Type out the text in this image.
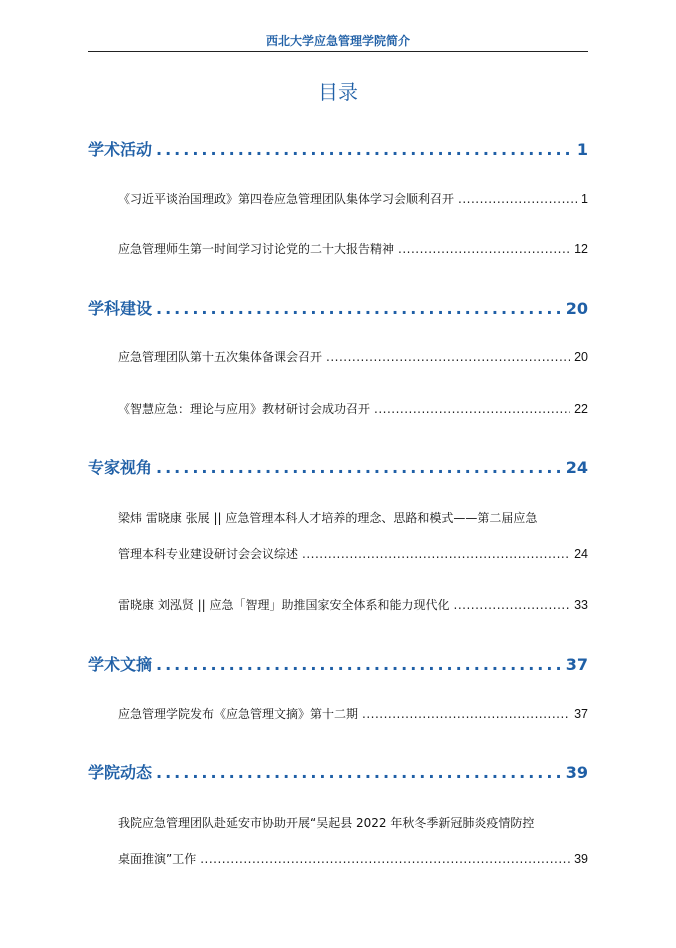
西北大学应急管理学院简介
目录
学术活动 .....	1
《习近平谈治国理政》第四卷应急管理团队集体学习会顺利召开 .....	1
应急管理师生第一时间学习讨论党的二十大报告精神 .....	12
学科建设 .....	20
应急管理团队第十五次集体备课会召开 .....	20
《智慧应急：理论与应用》教材研讨会成功召开 .....	22
专家视角 .....	24
梁炜 雷晓康 张展 || 应急管理本科人才培养的理念、思路和模式——第二届应急
管理本科专业建设研讨会会议综述 .....	24
雷晓康 刘泓贤 || 应急「智理」助推国家安全体系和能力现代化 .....	33
学术文摘 .....	37
应急管理学院发布《应急管理文摘》第十二期 .....	37
学院动态 .....	39
我院应急管理团队赴延安市协助开展“吴起县 2022 年秋冬季新冠肺炎疫情防控
桌面推演”工作 .....	39
